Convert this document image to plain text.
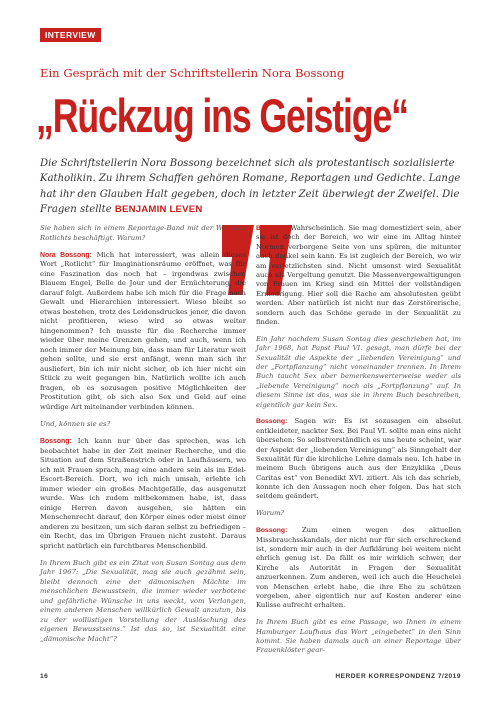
INTERVIEW
Ein Gespräch mit der Schriftstellerin Nora Bossong
„Rückzug ins Geistige“
Die Schriftstellerin Nora Bossong bezeichnet sich als protestantisch sozialisierte Katholikin. Zu ihrem Schaffen gehören Romane, Reportagen und Gedichte. Lange hat ihr den Glauben Halt gegeben, doch in letzter Zeit überwiegt der Zweifel. Die Fragen stellte BENJAMIN LEVEN

Sie haben sich in einem Reportage-Band mit der Welt des Rotlichts beschäftigt. Warum?

Nora Bossong: Mich hat interessiert, was allein dieses Wort „Rotlicht“ für Imaginationsräume eröffnet, was für eine Faszination das noch hat – irgendwas zwischen Blauem Engel, Belle de Jour und der Ernüchterung, die darauf folgt. Außerdem habe ich mich für die Frage nach Gewalt und Hierarchien interessiert. Wieso bleibt so etwas bestehen, trotz des Leidensdruckes jener, die davon nicht profitieren, wieso wird so etwas weiter hingenommen? Ich musste für die Recherche immer wieder über meine Grenzen gehen, und auch, wenn ich noch immer der Meinung bin, dass man für Literatur weit gehen sollte, und sie erst anfängt, wenn man sich ihr ausliefert, bin ich mir nicht sicher, ob ich hier nicht ein Stück zu weit gegangen bin. Natürlich wollte ich auch fragen, ob es sozusagen positive Möglichkeiten der Prostitution gibt, ob sich also Sex und Geld auf eine würdige Art miteinander verbinden können.

Und, können sie es?

Bossong: Ich kann nur über das sprechen, was ich beobachtet habe in der Zeit meiner Recherche, und die Situation auf dem Straßenstrich oder in Laufhäusern, wo ich mit Frauen sprach, mag eine andere sein als im Edel-Escort-Bereich. Dort, wo ich mich umsah, erlebte ich immer wieder ein großes Machtgefälle, das ausgenutzt wurde. Was ich zudem mitbekommen habe, ist, dass einige Herren davon ausgehen, sie hätten ein Menschenrecht darauf, den Körper eines oder meist einer anderen zu besitzen, um sich daran selbst zu befriedigen – ein Recht, das im Übrigen Frauen nicht zusteht. Daraus spricht natürlich ein furchtbares Menschenbild.

In Ihrem Buch gibt es ein Zitat von Susan Sontag aus dem Jahr 1967: „Die Sexualität, mag sie auch gezähmt sein, bleibt dennoch eine der dämonischen Mächte im menschlichen Bewusstsein, die immer wieder verbotene und gefährliche Wünsche in uns weckt, vom Verlangen, einem anderen Menschen willkürlich Gewalt anzutun, bis zu der wollüstigen Vorstellung der Auslöschung des eigenen Bewusstseins.“ Ist das so, ist Sexualität eine „dämonische Macht“?

Bossong: Wahrscheinlich. Sie mag domestiziert sein, aber sie ist doch der Bereich, wo wir eine im Alltag hinter Normen verborgene Seite von uns spüren, die mitunter auch dunkel sein kann. Es ist zugleich der Bereich, wo wir am verletzlichsten sind. Nicht umsonst wird Sexualität auch als Vergeltung genutzt. Die Massenvergewaltigungen von Frauen im Krieg sind ein Mittel der vollständigen Erniedrigung. Hier soll die Rache am absolutesten geübt werden. Aber natürlich ist nicht nur das Zerstörerische, sondern auch das Schöne gerade in der Sexualität zu finden.

Ein Jahr nachdem Susan Sontag dies geschrieben hat, im Jahr 1968, hat Papst Paul VI. gesagt, man dürfe bei der Sexualität die Aspekte der „liebenden Vereinigung“ und der „Fortpflanzung“ nicht voneinander trennen. In Ihrem Buch taucht Sex aber bemerkenswerterweise weder als „liebende Vereinigung“ noch als „Fortpflanzung“ auf. In diesem Sinne ist das, was sie in ihrem Buch beschreiben, eigentlich gar kein Sex.

Bossong: Sagen wir: Es ist sozusagen ein absolut entkleideter, nackter Sex. Bei Paul VI. sollte man eins nicht übersehen: So selbstverständlich es uns heute scheint, war der Aspekt der „liebenden Vereinigung“ als Sinngehalt der Sexualität für die kirchliche Lehre damals neu. Ich habe in meinem Buch übrigens auch aus der Enzyklika „Deus Caritas est“ von Benedikt XVI. zitiert. Als ich das schrieb, konnte ich den Aussagen noch eher folgen. Das hat sich seitdem geändert.

Warum?

Bossong: Zum einen wegen des aktuellen Missbrauchsskandals, der nicht nur für sich erschreckend ist, sondern mir auch in der Aufklärung bei weitem nicht ehrlich genug ist. Da fällt es mir wirklich schwer, der Kirche als Autorität in Fragen der Sexualität anzuerkennen. Zum anderen, weil ich auch die Heuchelei von Menschen erlebt habe, die ihre Ehe zu schützen vorgeben, aber eigentlich nur auf Kosten anderer eine Kulisse aufrecht erhalten.

In Ihrem Buch gibt es eine Passage, wo Ihnen in einem Hamburger Laufhaus das Wort „eingebetet“ in den Sinn kommt. Sie haben damals auch an einer Reportage über Frauenklöster gear-

16	HERDER KORRESPONDENZ 7/2019
